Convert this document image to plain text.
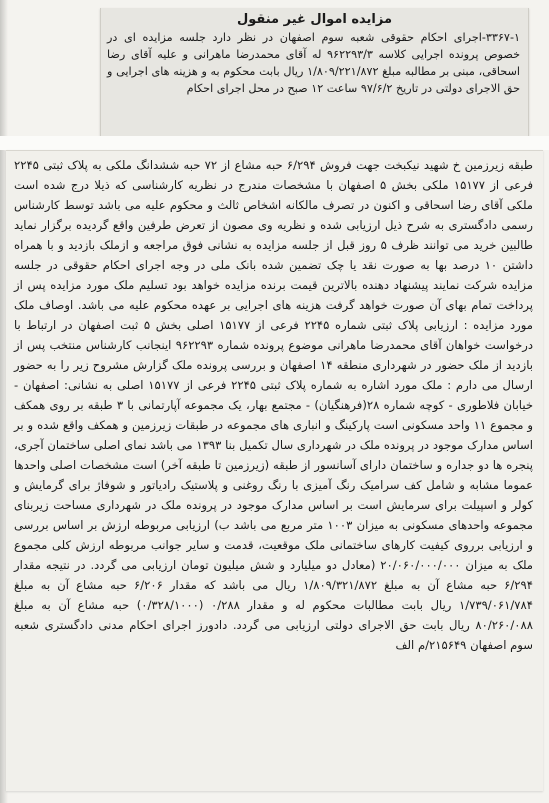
مزایده اموال غیر منقول

۳۳۶۷-۱-اجرای احکام حقوقی شعبه سوم اصفهان در نظر دارد جلسه مزایده ای در خصوص پرونده اجرایی کلاسه ۹۶۲۲۹۳/۳ له آقای محمدرضا ماهرانی و علیه آقای رضا اسحاقی، مبنی بر مطالبه مبلغ ۱/۸۰۹/۲۲۱/۸۷۲ ریال بابت محکوم به و هزینه های اجرایی و حق الاجرای دولتی در تاریخ ۹۷/۶/۲ ساعت ۱۲ صبح در محل اجرای احکام

طبقه زیرزمین خ شهید نیکبخت جهت فروش ۶/۲۹۴ حبه مشاع از ۷۲ حبه ششدانگ ملکی به پلاک ثبتی ۲۲۴۵ فرعی از ۱۵۱۷۷ ملکی بخش ۵ اصفهان با مشخصات مندرج در نظریه کارشناسی که ذیلا درج شده است ملکی آقای رضا اسحاقی و اکنون در تصرف مالکانه اشخاص ثالث و محکوم علیه می باشد توسط کارشناس رسمی دادگستری به شرح ذیل ارزیابی شده و نظریه وی مصون از تعرض طرفین واقع گردیده برگزار نماید طالبین خرید می توانند ظرف ۵ روز قبل از جلسه مزایده به نشانی فوق مراجعه و ازملک بازدید و با همراه داشتن ۱۰ درصد بها به صورت نقد یا چک تضمین شده بانک ملی در وجه اجرای احکام حقوقی در جلسه مزایده شرکت نمایند پیشنهاد دهنده بالاترین قیمت برنده مزایده خواهد بود تسلیم ملک مورد مزایده پس از پرداخت تمام بهای آن صورت خواهد گرفت هزینه های اجرایی بر عهده محکوم علیه می باشد. اوصاف ملک مورد مزایده : ارزیابی پلاک ثبتی شماره ۲۲۴۵ فرعی از ۱۵۱۷۷ اصلی بخش ۵ ثبت اصفهان در ارتباط با درخواست خواهان آقای محمدرضا ماهرانی موضوع پرونده شماره ۹۶۲۲۹۳ اینجانب کارشناس منتخب پس از بازدید از ملک حضور در شهرداری منطقه ۱۴ اصفهان و بررسی پرونده ملک گزارش مشروح زیر را به حضور ارسال می دارم : ملک مورد اشاره به شماره پلاک ثبتی ۲۲۴۵ فرعی از ۱۵۱۷۷ اصلی به نشانی: اصفهان - خیابان فلاطوری - کوچه شماره ۲۸(فرهنگیان) - مجتمع بهار، یک مجموعه آپارتمانی با ۳ طبقه بر روی همکف و مجموع ۱۱ واحد مسکونی است پارکینگ و انباری های مجموعه در طبقات زیرزمین و همکف واقع شده و بر اساس مدارک موجود در پرونده ملک در شهرداری سال تکمیل بنا ۱۳۹۳ می باشد نمای اصلی ساختمان آجری، پنجره ها دو جداره و ساختمان دارای آسانسور از طبقه (زیرزمین تا طبقه آخر) است مشخصات اصلی واحدها عموما مشابه و شامل کف سرامیک رنگ آمیزی با رنگ روغنی و پلاستیک رادیاتور و شوفاژ برای گرمایش و کولر و اسپیلت برای سرمایش است بر اساس مدارک موجود در پرونده ملک در شهرداری مساحت زیربنای مجموعه واحدهای مسکونی به میزان ۱۰۰۳ متر مربع می باشد ب) ارزیابی مربوطه ارزش بر اساس بررسی و ارزیابی برروی کیفیت کارهای ساختمانی ملک موقعیت، قدمت و سایر جوانب مربوطه ارزش کلی مجموع ملک به میزان ۲۰/۰۶۰/۰۰۰/۰۰۰ (معادل دو میلیارد و شش میلیون تومان ارزیابی می گردد. در نتیجه مقدار ۶/۲۹۴ حبه مشاع آن به مبلغ ۱/۸۰۹/۳۲۱/۸۷۲ ریال می باشد که مقدار ۶/۲۰۶ حبه مشاع آن به مبلغ ۱/۷۳۹/۰۶۱/۷۸۴ ریال بابت مطالبات محکوم له و مقدار ۰/۲۸۸ (۰/۳۲۸/۱۰۰۰) حبه مشاع آن به مبلغ ۸۰/۲۶۰/۰۸۸ ریال بابت حق الاجرای دولتی ارزیابی می گردد. دادورز اجرای احکام مدنی دادگستری شعبه سوم اصفهان ۲۱۵۶۴۹/م الف
